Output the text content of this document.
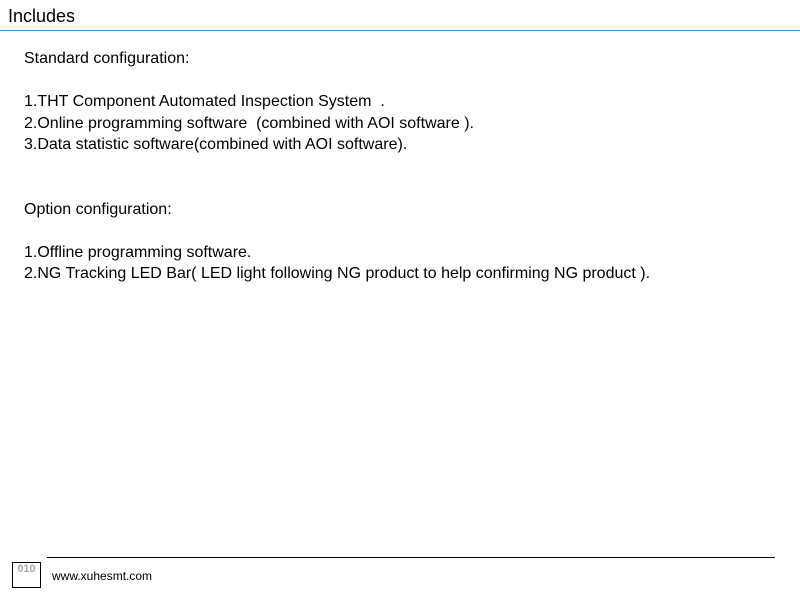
Includes
Standard configuration:
1.THT Component Automated Inspection System  .
2.Online programming software  (combined with AOI software ).
3.Data statistic software(combined with AOI software).
Option configuration:
1.Offline programming software.
2.NG Tracking LED Bar( LED light following NG product to help confirming NG product ).
010	www.xuhesmt.com
